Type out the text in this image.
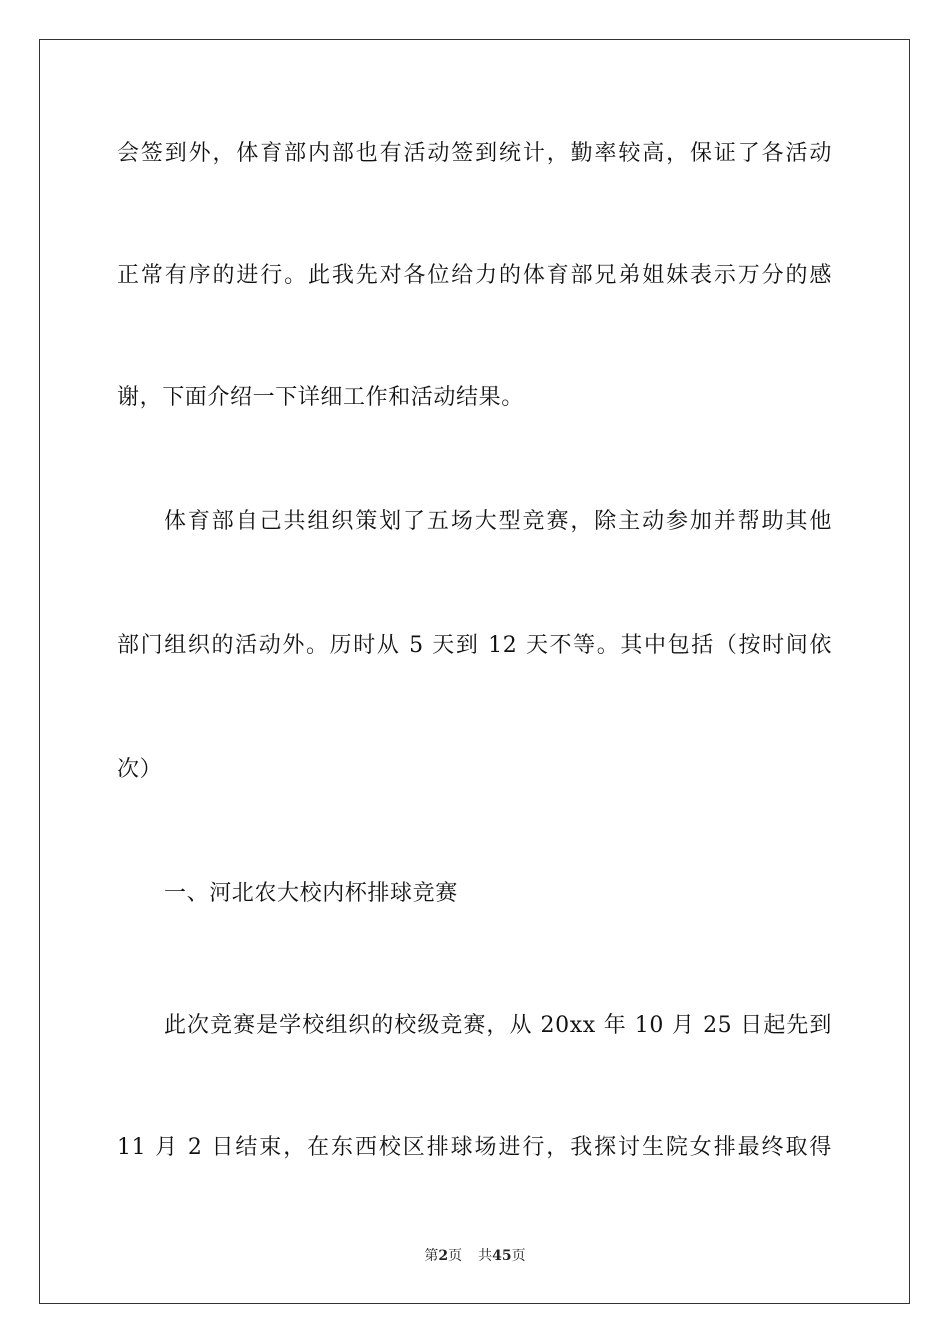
会签到外，体育部内部也有活动签到统计，勤率较高，保证了各活动
正常有序的进行。此我先对各位给力的体育部兄弟姐妹表示万分的感
谢，下面介绍一下详细工作和活动结果。
体育部自己共组织策划了五场大型竞赛，除主动参加并帮助其他
部门组织的活动外。历时从 5 天到 12 天不等。其中包括（按时间依
次）
一、河北农大校内杯排球竞赛
此次竞赛是学校组织的校级竞赛，从 20xx 年 10 月 25 日起先到
11 月 2 日结束，在东西校区排球场进行，我探讨生院女排最终取得
第2页 共45页
